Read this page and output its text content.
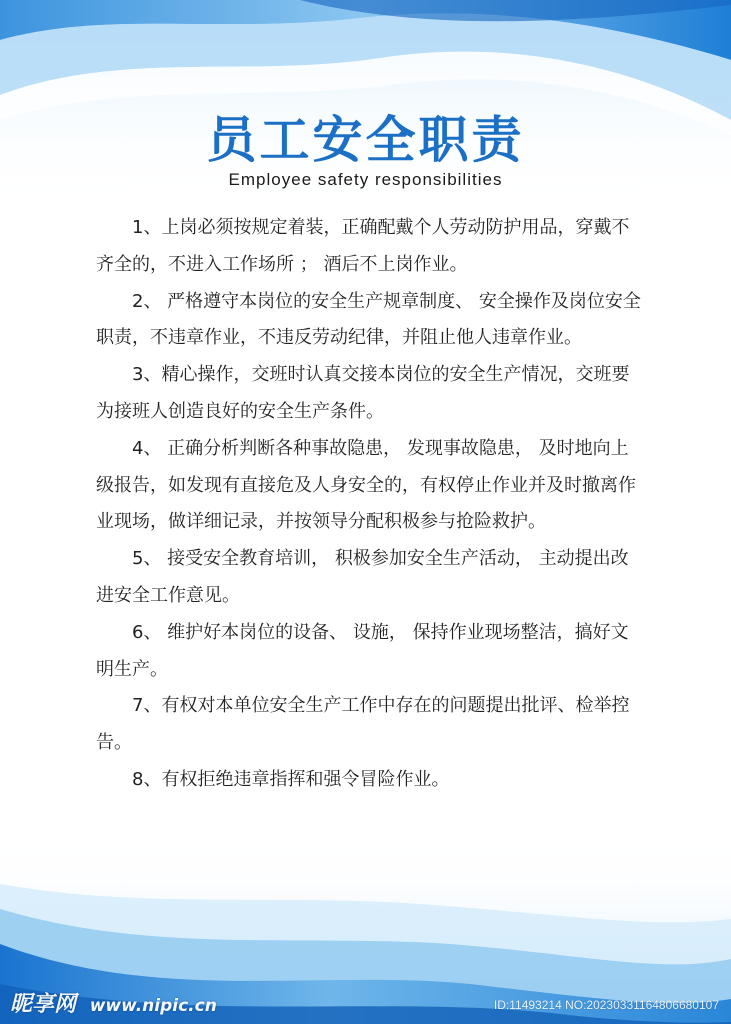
员工安全职责
Employee safety responsibilities

1、上岗必须按规定着装，正确配戴个人劳动防护用品，穿戴不齐全的，不进入工作场所 ； 酒后不上岗作业。

2、 严格遵守本岗位的安全生产规章制度、 安全操作及岗位安全职责，不违章作业，不违反劳动纪律，并阻止他人违章作业。

3、精心操作，交班时认真交接本岗位的安全生产情况，交班要为接班人创造良好的安全生产条件。

4、 正确分析判断各种事故隐患， 发现事故隐患， 及时地向上级报告，如发现有直接危及人身安全的，有权停止作业并及时撤离作业现场，做详细记录，并按领导分配积极参与抢险救护。

5、 接受安全教育培训， 积极参加安全生产活动， 主动提出改进安全工作意见。

6、 维护好本岗位的设备、 设施， 保持作业现场整洁，搞好文明生产。

7、有权对本单位安全生产工作中存在的问题提出批评、检举控告。

8、有权拒绝违章指挥和强令冒险作业。

昵享网 www.nipic.cn	ID:11493214 NO:20230331164806680107
